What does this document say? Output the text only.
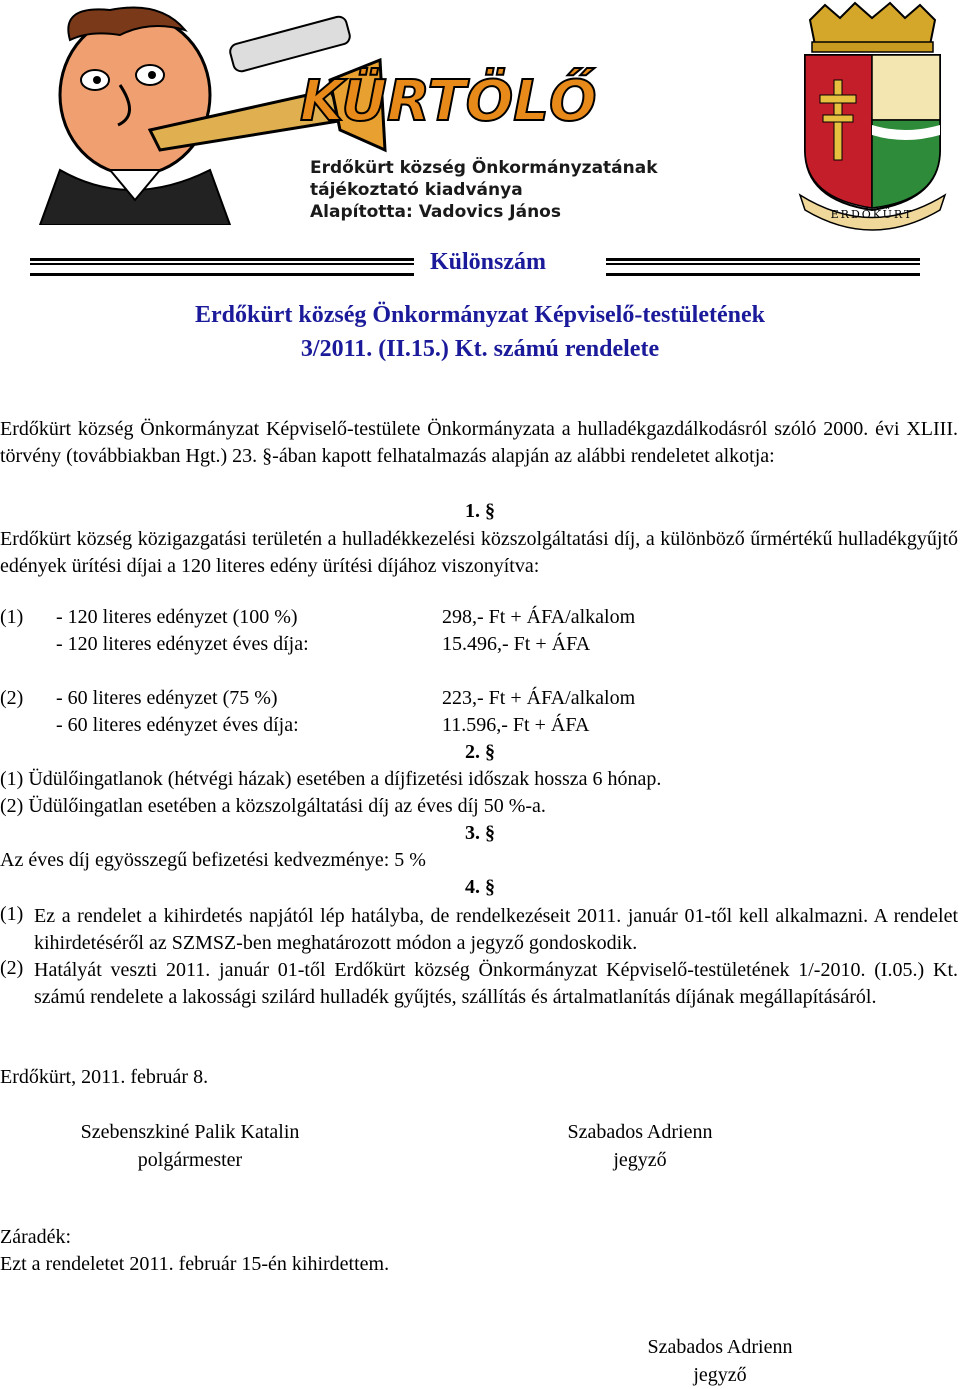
KÜRTÖLŐ
Erdőkürt község Önkormányzatának
tájékoztató kiadványa
Alapította: Vadovics János	ERDŐKÜRT
Különszám
Erdőkürt község Önkormányzat Képviselő-testületének
3/2011. (II.15.) Kt. számú rendelete
Erdőkürt község Önkormányzat Képviselő-testülete Önkormányzata a hulladékgazdálkodásról szóló 2000. évi XLIII. törvény (továbbiakban Hgt.) 23. §-ában kapott felhatalmazás alapján az alábbi rendeletet alkotja:
1. §
Erdőkürt község közigazgatási területén a hulladékkezelési közszolgáltatási díj, a különböző űrmértékű hulladékgyűjtő edények ürítési díjai a 120 literes edény ürítési díjához viszonyítva:
(1) - 120 literes edényzet (100 %)	298,- Ft + ÁFA/alkalom
- 120 literes edényzet éves díja:	15.496,- Ft + ÁFA
(2) - 60 literes edényzet (75 %)	223,- Ft + ÁFA/alkalom
- 60 literes edényzet éves díja:	11.596,- Ft + ÁFA
2. §
(1) Üdülőingatlanok (hétvégi házak) esetében a díjfizetési időszak hossza 6 hónap.
(2) Üdülőingatlan esetében a közszolgáltatási díj az éves díj 50 %-a.
3. §
Az éves díj egyösszegű befizetési kedvezménye: 5 %
4. §
(1) Ez a rendelet a kihirdetés napjától lép hatályba, de rendelkezéseit 2011. január 01-től kell alkalmazni. A rendelet kihirdetéséről az SZMSZ-ben meghatározott módon a jegyző gondoskodik.
(2) Hatályát veszti 2011. január 01-től Erdőkürt község Önkormányzat Képviselő-testületének 1/-2010. (I.05.) Kt. számú rendelete a lakossági szilárd hulladék gyűjtés, szállítás és ártalmatlanítás díjának megállapításáról.
Erdőkürt, 2011. február 8.
Szebenszkiné Palik Katalin
polgármester
Szabados Adrienn
jegyző
Záradék:
Ezt a rendeletet 2011. február 15-én kihirdettem.
Szabados Adrienn
jegyző
